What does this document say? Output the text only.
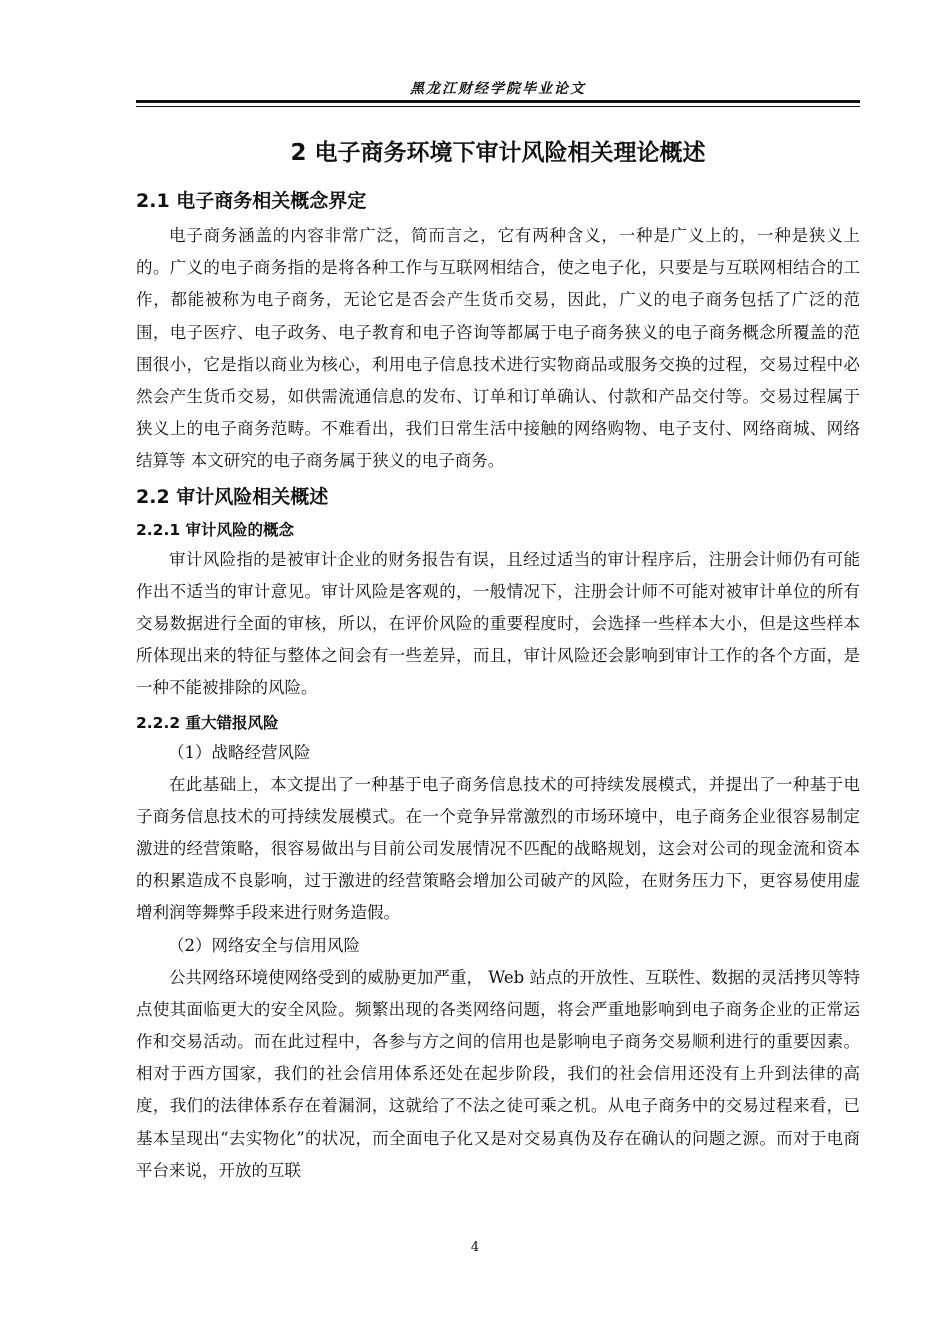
黑龙江财经学院毕业论文
2 电子商务环境下审计风险相关理论概述
2.1 电子商务相关概念界定

电子商务涵盖的内容非常广泛，简而言之，它有两种含义，一种是广义上的，一种是狭义上的。广义的电子商务指的是将各种工作与互联网相结合，使之电子化，只要是与互联网相结合的工作，都能被称为电子商务，无论它是否会产生货币交易，因此，广义的电子商务包括了广泛的范围，电子医疗、电子政务、电子教育和电子咨询等都属于电子商务狭义的电子商务概念所覆盖的范围很小，它是指以商业为核心，利用电子信息技术进行实物商品或服务交换的过程，交易过程中必然会产生货币交易，如供需流通信息的发布、订单和订单确认、付款和产品交付等。交易过程属于狭义上的电子商务范畴。不难看出，我们日常生活中接触的网络购物、电子支付、网络商城、网络结算等 本文研究的电子商务属于狭义的电子商务。

2.2 审计风险相关概述
2.2.1 审计风险的概念

审计风险指的是被审计企业的财务报告有误，且经过适当的审计程序后，注册会计师仍有可能作出不适当的审计意见。审计风险是客观的，一般情况下，注册会计师不可能对被审计单位的所有交易数据进行全面的审核，所以，在评价风险的重要程度时，会选择一些样本大小，但是这些样本所体现出来的特征与整体之间会有一些差异，而且，审计风险还会影响到审计工作的各个方面，是一种不能被排除的风险。

2.2.2 重大错报风险

（1）战略经营风险

在此基础上，本文提出了一种基于电子商务信息技术的可持续发展模式，并提出了一种基于电子商务信息技术的可持续发展模式。在一个竞争异常激烈的市场环境中，电子商务企业很容易制定激进的经营策略，很容易做出与目前公司发展情况不匹配的战略规划，这会对公司的现金流和资本的积累造成不良影响，过于激进的经营策略会增加公司破产的风险，在财务压力下，更容易使用虚增利润等舞弊手段来进行财务造假。

（2）网络安全与信用风险

公共网络环境使网络受到的威胁更加严重， Web 站点的开放性、互联性、数据的灵活拷贝等特点使其面临更大的安全风险。频繁出现的各类网络问题，将会严重地影响到电子商务企业的正常运作和交易活动。而在此过程中，各参与方之间的信用也是影响电子商务交易顺利进行的重要因素。相对于西方国家，我们的社会信用体系还处在起步阶段，我们的社会信用还没有上升到法律的高度，我们的法律体系存在着漏洞，这就给了不法之徒可乘之机。从电子商务中的交易过程来看，已基本呈现出“去实物化”的状况，而全面电子化又是对交易真伪及存在确认的问题之源。而对于电商平台来说，开放的互联

4
